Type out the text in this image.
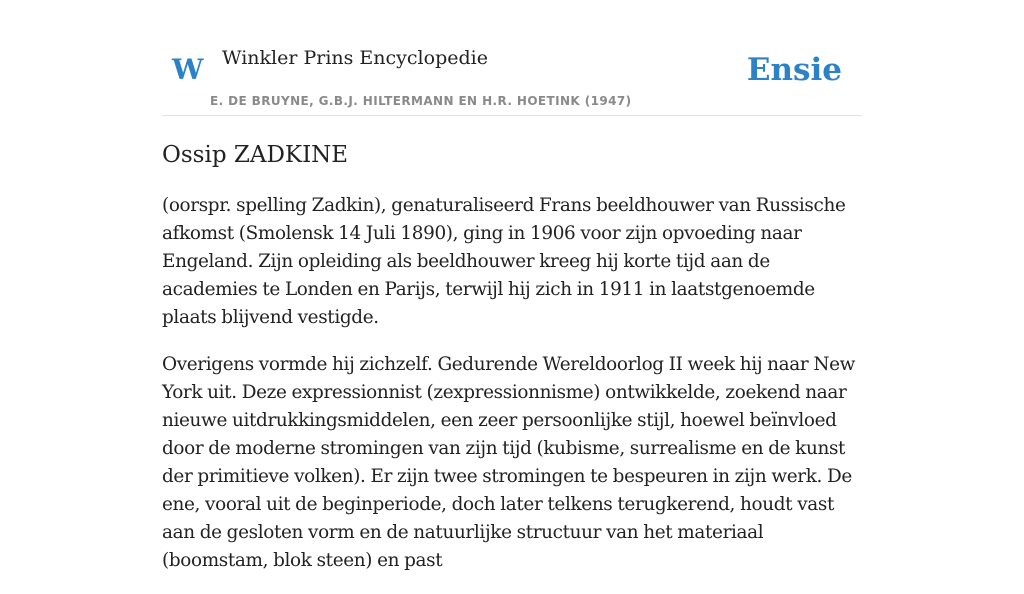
W Winkler Prins Encyclopedie
E. DE BRUYNE, G.B.J. HILTERMANN EN H.R. HOETINK (1947)
Ensie
Ossip ZADKINE

(oorspr. spelling Zadkin), genaturaliseerd Frans beeldhouwer van Russische afkomst (Smolensk 14 Juli 1890), ging in 1906 voor zijn opvoeding naar Engeland. Zijn opleiding als beeldhouwer kreeg hij korte tijd aan de academies te Londen en Parijs, terwijl hij zich in 1911 in laatstgenoemde plaats blijvend vestigde.

Overigens vormde hij zichzelf. Gedurende Wereldoorlog II week hij naar New York uit. Deze expressionnist (zexpressionnisme) ontwikkelde, zoekend naar nieuwe uitdrukkingsmiddelen, een zeer persoonlijke stijl, hoewel beïnvloed door de moderne stromingen van zijn tijd (kubisme, surrealisme en de kunst der primitieve volken). Er zijn twee stromingen te bespeuren in zijn werk. De ene, vooral uit de beginperiode, doch later telkens terugkerend, houdt vast aan de gesloten vorm en de natuurlijke structuur van het materiaal (boomstam, blok steen) en past
